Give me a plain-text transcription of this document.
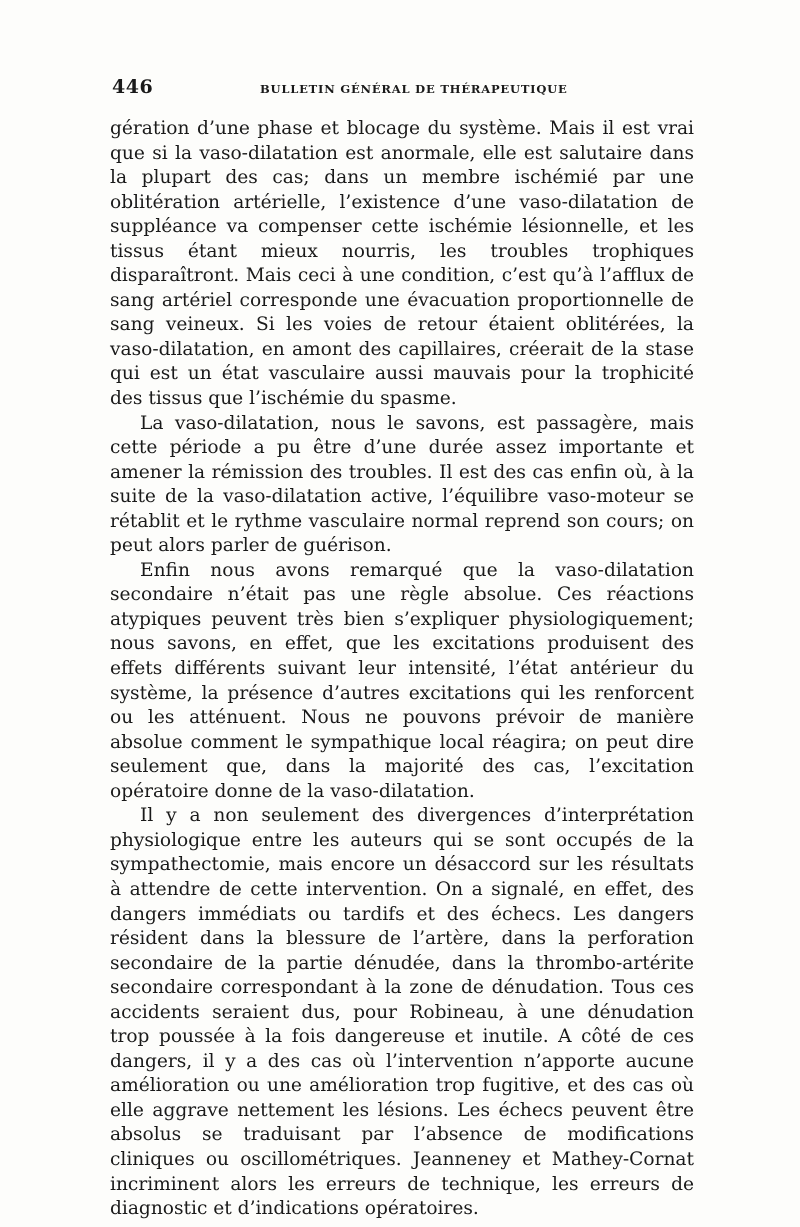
446	BULLETIN GÉNÉRAL DE THÉRAPEUTIQUE

gération d’une phase et blocage du système. Mais il est vrai que si la vaso-dilatation est anormale, elle est salutaire dans la plupart des cas; dans un membre ischémié par une oblitération artérielle, l’existence d’une vaso-dilatation de suppléance va compenser cette ischémie lésionnelle, et les tissus étant mieux nourris, les troubles trophiques disparaîtront. Mais ceci à une condition, c’est qu’à l’afflux de sang artériel corresponde une évacuation proportionnelle de sang veineux. Si les voies de retour étaient oblitérées, la vaso-dilatation, en amont des capillaires, créerait de la stase qui est un état vasculaire aussi mauvais pour la trophicité des tissus que l’ischémie du spasme.

La vaso-dilatation, nous le savons, est passagère, mais cette période a pu être d’une durée assez importante et amener la rémission des troubles. Il est des cas enfin où, à la suite de la vaso-dilatation active, l’équilibre vaso-moteur se rétablit et le rythme vasculaire normal reprend son cours; on peut alors parler de guérison.

Enfin nous avons remarqué que la vaso-dilatation secondaire n’était pas une règle absolue. Ces réactions atypiques peuvent très bien s’expliquer physiologiquement; nous savons, en effet, que les excitations produisent des effets différents suivant leur intensité, l’état antérieur du système, la présence d’autres excitations qui les renforcent ou les atténuent. Nous ne pouvons prévoir de manière absolue comment le sympathique local réagira; on peut dire seulement que, dans la majorité des cas, l’excitation opératoire donne de la vaso-dilatation.

Il y a non seulement des divergences d’interprétation physiologique entre les auteurs qui se sont occupés de la sympathectomie, mais encore un désaccord sur les résultats à attendre de cette intervention. On a signalé, en effet, des dangers immédiats ou tardifs et des échecs. Les dangers résident dans la blessure de l’artère, dans la perforation secondaire de la partie dénudée, dans la thrombo-artérite secondaire correspondant à la zone de dénudation. Tous ces accidents seraient dus, pour Robineau, à une dénudation trop poussée à la fois dangereuse et inutile. A côté de ces dangers, il y a des cas où l’intervention n’apporte aucune amélioration ou une amélioration trop fugitive, et des cas où elle aggrave nettement les lésions. Les échecs peuvent être absolus se traduisant par l’absence de modifications cliniques ou oscillométriques. Jeanneney et Mathey-Cornat incriminent alors les erreurs de technique, les erreurs de diagnostic et d’indications opératoires.
